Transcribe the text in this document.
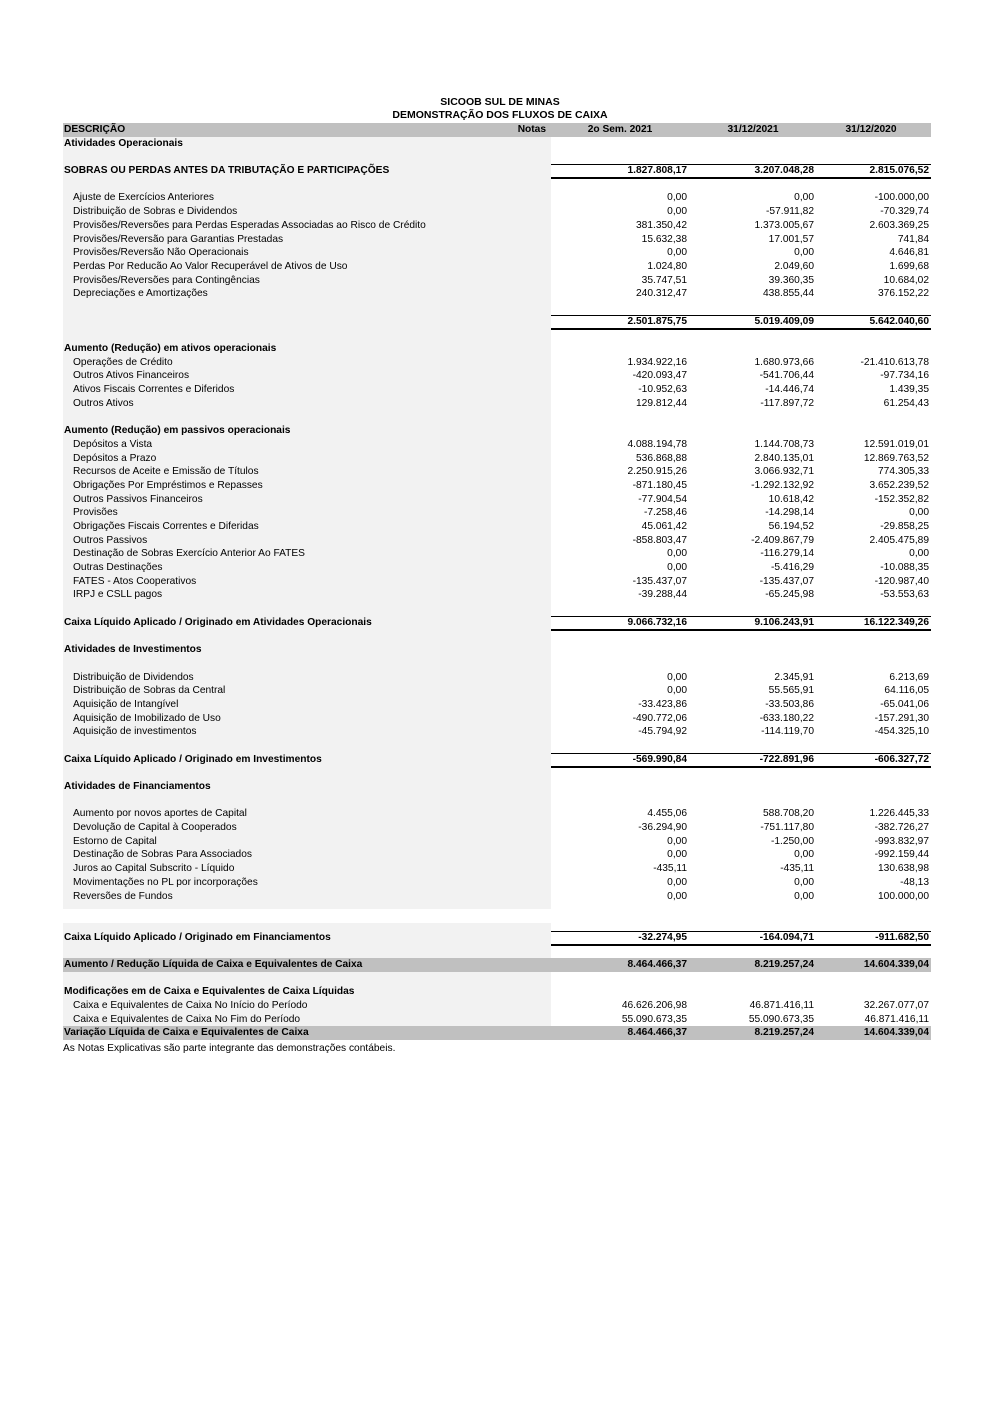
SICOOB SUL DE MINAS
DEMONSTRAÇÃO DOS FLUXOS DE CAIXA
DESCRIÇÃO	Notas	2o Sem. 2021	31/12/2021	31/12/2020
Atividades Operacionais
SOBRAS OU PERDAS ANTES DA TRIBUTAÇÃO E PARTICIPAÇÕES	1.827.808,17	3.207.048,28	2.815.076,52
Ajuste de Exercícios Anteriores	0,00	0,00	-100.000,00
Distribuição de Sobras e Dividendos	0,00	-57.911,82	-70.329,74
Provisões/Reversões para Perdas Esperadas Associadas ao Risco de Crédito	381.350,42	1.373.005,67	2.603.369,25
Provisões/Reversão para Garantias Prestadas	15.632,38	17.001,57	741,84
Provisões/Reversão Não Operacionais	0,00	0,00	4.646,81
Perdas Por Reducão Ao Valor Recuperável de Ativos de Uso	1.024,80	2.049,60	1.699,68
Provisões/Reversões para Contingências	35.747,51	39.360,35	10.684,02
Depreciações e Amortizações	240.312,47	438.855,44	376.152,22
2.501.875,75	5.019.409,09	5.642.040,60
Aumento (Redução) em ativos operacionais
Operações de Crédito	1.934.922,16	1.680.973,66	-21.410.613,78
Outros Ativos Financeiros	-420.093,47	-541.706,44	-97.734,16
Ativos Fiscais Correntes e Diferidos	-10.952,63	-14.446,74	1.439,35
Outros Ativos	129.812,44	-117.897,72	61.254,43
Aumento (Redução) em passivos operacionais
Depósitos a Vista	4.088.194,78	1.144.708,73	12.591.019,01
Depósitos a Prazo	536.868,88	2.840.135,01	12.869.763,52
Recursos de Aceite e Emissão de Títulos	2.250.915,26	3.066.932,71	774.305,33
Obrigações Por Empréstimos e Repasses	-871.180,45	-1.292.132,92	3.652.239,52
Outros Passivos Financeiros	-77.904,54	10.618,42	-152.352,82
Provisões	-7.258,46	-14.298,14	0,00
Obrigações Fiscais Correntes e Diferidas	45.061,42	56.194,52	-29.858,25
Outros Passivos	-858.803,47	-2.409.867,79	2.405.475,89
Destinação de Sobras Exercício Anterior Ao FATES	0,00	-116.279,14	0,00
Outras Destinações	0,00	-5.416,29	-10.088,35
FATES - Atos Cooperativos	-135.437,07	-135.437,07	-120.987,40
IRPJ e CSLL pagos	-39.288,44	-65.245,98	-53.553,63
Caixa Líquido Aplicado / Originado em Atividades Operacionais	9.066.732,16	9.106.243,91	16.122.349,26
Atividades de Investimentos
Distribuição de Dividendos	0,00	2.345,91	6.213,69
Distribuição de Sobras da Central	0,00	55.565,91	64.116,05
Aquisição de Intangível	-33.423,86	-33.503,86	-65.041,06
Aquisição de Imobilizado de Uso	-490.772,06	-633.180,22	-157.291,30
Aquisição de investimentos	-45.794,92	-114.119,70	-454.325,10
Caixa Líquido Aplicado / Originado em Investimentos	-569.990,84	-722.891,96	-606.327,72
Atividades de Financiamentos
Aumento por novos aportes de Capital	4.455,06	588.708,20	1.226.445,33
Devolução de Capital à Cooperados	-36.294,90	-751.117,80	-382.726,27
Estorno de Capital	0,00	-1.250,00	-993.832,97
Destinação de Sobras Para Associados	0,00	0,00	-992.159,44
Juros ao Capital Subscrito - Líquido	-435,11	-435,11	130.638,98
Movimentações no PL por incorporações	0,00	0,00	-48,13
Reversões de Fundos	0,00	0,00	100.000,00
Caixa Líquido Aplicado / Originado em Financiamentos	-32.274,95	-164.094,71	-911.682,50
Aumento / Redução Líquida de Caixa e Equivalentes de Caixa	8.464.466,37	8.219.257,24	14.604.339,04
Modificações em de Caixa e Equivalentes de Caixa Líquidas
Caixa e Equivalentes de Caixa No Início do Período	46.626.206,98	46.871.416,11	32.267.077,07
Caixa e Equivalentes de Caixa No Fim do Período	55.090.673,35	55.090.673,35	46.871.416,11
Variação Líquida de Caixa e Equivalentes de Caixa	8.464.466,37	8.219.257,24	14.604.339,04
As Notas Explicativas são parte integrante das demonstrações contábeis.
